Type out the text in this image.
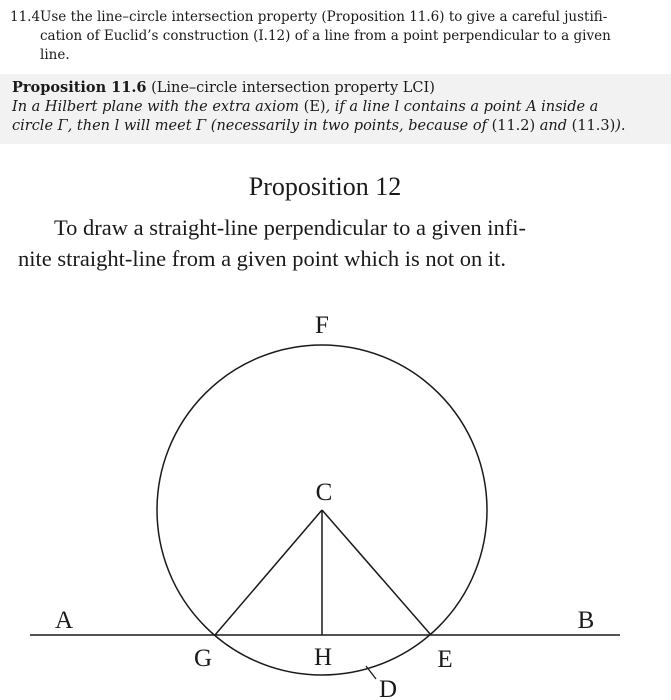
11.4Use the line–circle intersection property (Proposition 11.6) to give a careful justifi-
cation of Euclid’s construction (I.12) of a line from a point perpendicular to a given
line.
Proposition 11.6 (Line–circle intersection property LCI)
In a Hilbert plane with the extra axiom (E), if a line l contains a point A inside a
circle Γ, then l will meet Γ (necessarily in two points, because of (11.2) and (11.3)).
Proposition 12
To draw a straight-line perpendicular to a given infi-
nite straight-line from a given point which is not on it.
F
C
A	B
G	H	E
D
